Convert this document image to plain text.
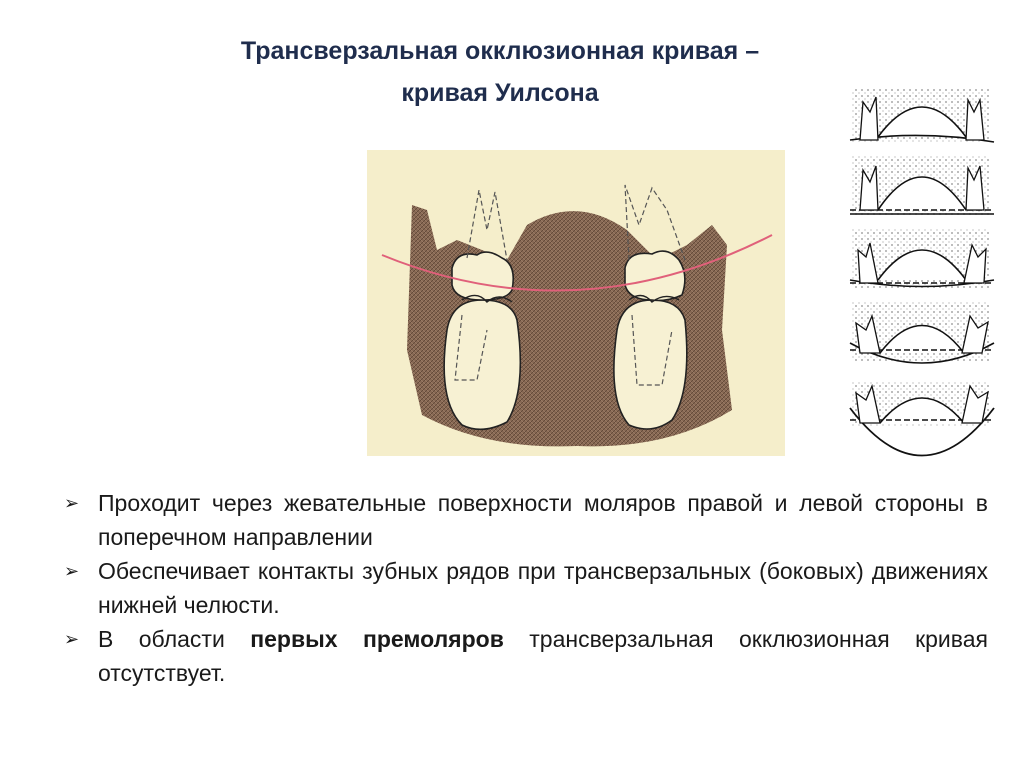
Трансверзальная окклюзионная кривая –
кривая Уилсона
➢ Проходит через жевательные поверхности моляров правой и левой стороны в поперечном направлении
➢ Обеспечивает контакты зубных рядов при трансверзальных (боковых) движениях нижней челюсти.
➢ В области первых премоляров трансверзальная окклюзионная кривая отсутствует.
